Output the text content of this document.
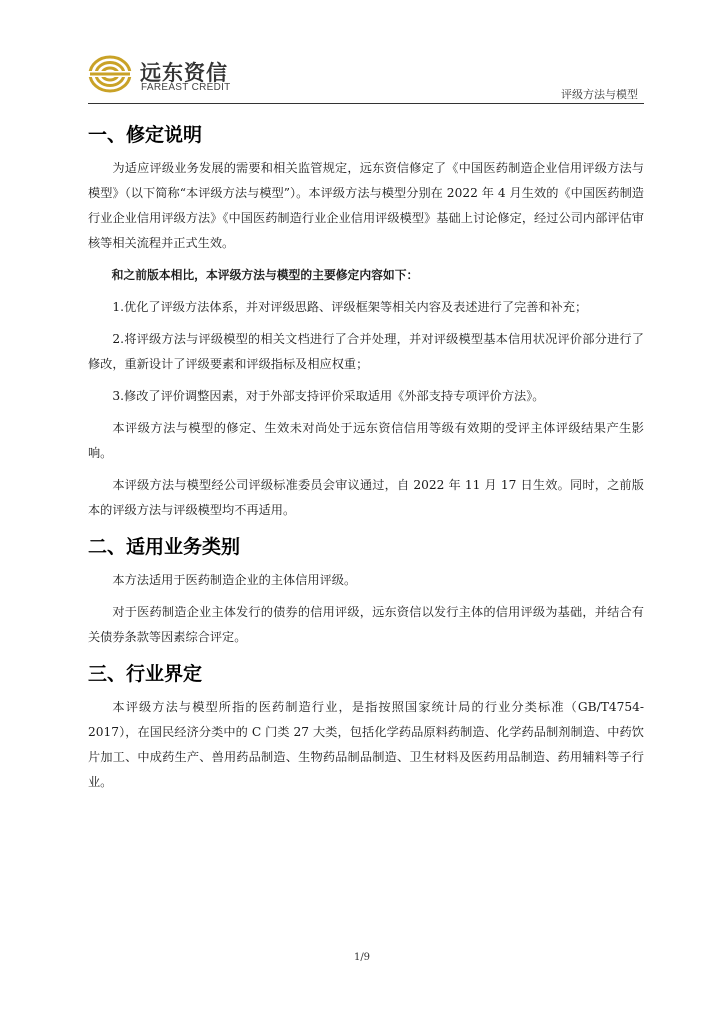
远东资信
FAREAST CREDIT
评级方法与模型
一、修定说明

为适应评级业务发展的需要和相关监管规定，远东资信修定了《中国医药制造企业信用评级方法与模型》（以下简称“本评级方法与模型”）。本评级方法与模型分别在 2022 年 4 月生效的《中国医药制造行业企业信用评级方法》《中国医药制造行业企业信用评级模型》基础上讨论修定，经过公司内部评估审核等相关流程并正式生效。

和之前版本相比，本评级方法与模型的主要修定内容如下：

1.优化了评级方法体系，并对评级思路、评级框架等相关内容及表述进行了完善和补充；

2.将评级方法与评级模型的相关文档进行了合并处理，并对评级模型基本信用状况评价部分进行了修改，重新设计了评级要素和评级指标及相应权重；

3.修改了评价调整因素，对于外部支持评价采取适用《外部支持专项评价方法》。

本评级方法与模型的修定、生效未对尚处于远东资信信用等级有效期的受评主体评级结果产生影响。

本评级方法与模型经公司评级标准委员会审议通过，自 2022 年 11 月 17 日生效。同时，之前版本的评级方法与评级模型均不再适用。

二、适用业务类别

本方法适用于医药制造企业的主体信用评级。

对于医药制造企业主体发行的债券的信用评级，远东资信以发行主体的信用评级为基础，并结合有关债券条款等因素综合评定。

三、行业界定

本评级方法与模型所指的医药制造行业，是指按照国家统计局的行业分类标准（GB/T4754-2017），在国民经济分类中的 C 门类 27 大类，包括化学药品原料药制造、化学药品制剂制造、中药饮片加工、中成药生产、兽用药品制造、生物药品制品制造、卫生材料及医药用品制造、药用辅料等子行业。

1/9
